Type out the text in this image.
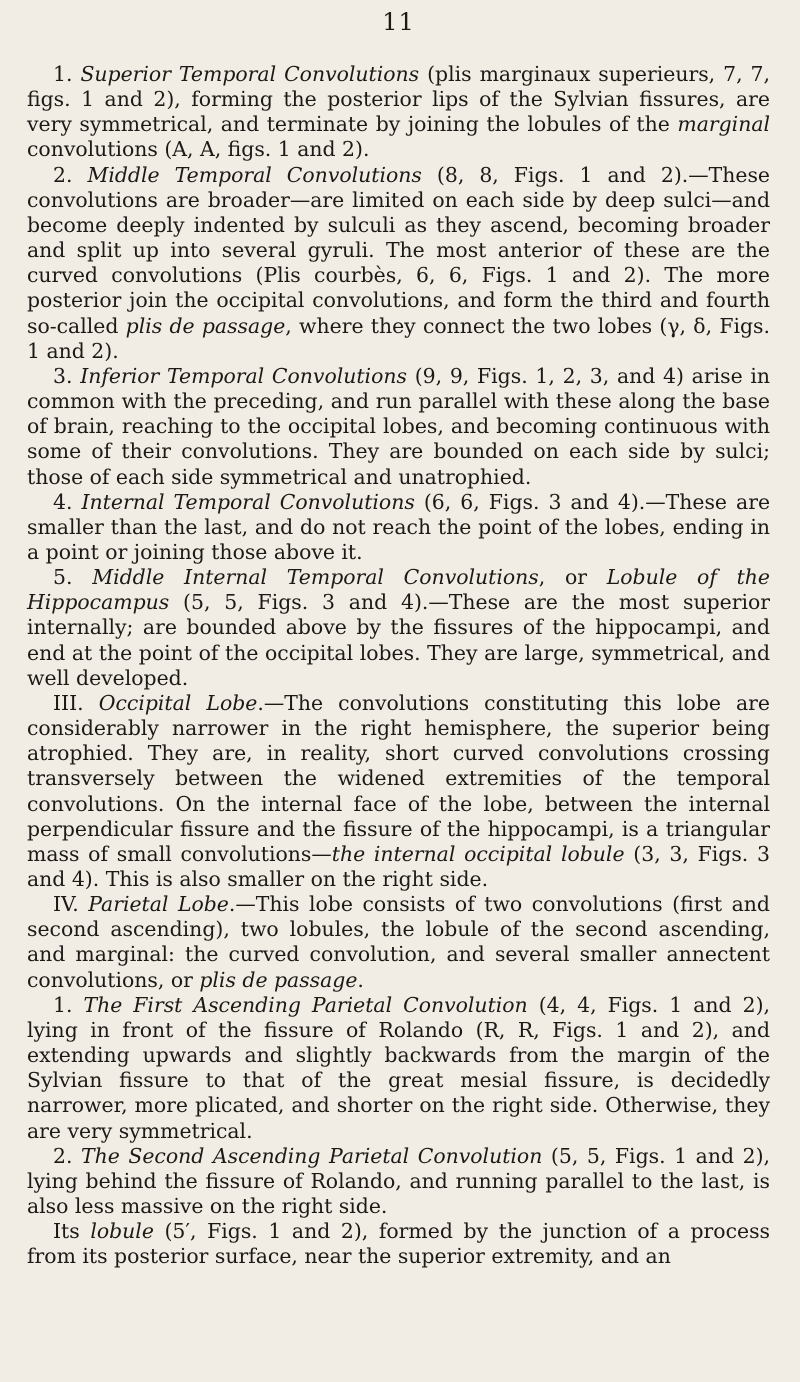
11

1. Superior Temporal Convolutions (plis marginaux superieurs, 7, 7, figs. 1 and 2), forming the posterior lips of the Sylvian fissures, are very symmetrical, and terminate by joining the lobules of the marginal convolutions (A, A, figs. 1 and 2).

2. Middle Temporal Convolutions (8, 8, Figs. 1 and 2).—These convolutions are broader—are limited on each side by deep sulci—and become deeply indented by sulculi as they ascend, becoming broader and split up into several gyruli. The most anterior of these are the curved convolutions (Plis courbès, 6, 6, Figs. 1 and 2). The more posterior join the occipital convolutions, and form the third and fourth so-called plis de passage, where they connect the two lobes (γ, δ, Figs. 1 and 2).

3. Inferior Temporal Convolutions (9, 9, Figs. 1, 2, 3, and 4) arise in common with the preceding, and run parallel with these along the base of brain, reaching to the occipital lobes, and becoming continuous with some of their convolutions. They are bounded on each side by sulci; those of each side symmetrical and unatrophied.

4. Internal Temporal Convolutions (6, 6, Figs. 3 and 4).—These are smaller than the last, and do not reach the point of the lobes, ending in a point or joining those above it.

5. Middle Internal Temporal Convolutions, or Lobule of the Hippocampus (5, 5, Figs. 3 and 4).—These are the most superior internally; are bounded above by the fissures of the hippocampi, and end at the point of the occipital lobes. They are large, symmetrical, and well developed.

III. Occipital Lobe.—The convolutions constituting this lobe are considerably narrower in the right hemisphere, the superior being atrophied. They are, in reality, short curved convolutions crossing transversely between the widened extremities of the temporal convolutions. On the internal face of the lobe, between the internal perpendicular fissure and the fissure of the hippocampi, is a triangular mass of small convolutions—the internal occipital lobule (3, 3, Figs. 3 and 4). This is also smaller on the right side.

IV. Parietal Lobe.—This lobe consists of two convolutions (first and second ascending), two lobules, the lobule of the second ascending, and marginal: the curved convolution, and several smaller annectent convolutions, or plis de passage.

1. The First Ascending Parietal Convolution (4, 4, Figs. 1 and 2), lying in front of the fissure of Rolando (R, R, Figs. 1 and 2), and extending upwards and slightly backwards from the margin of the Sylvian fissure to that of the great mesial fissure, is decidedly narrower, more plicated, and shorter on the right side. Otherwise, they are very symmetrical.

2. The Second Ascending Parietal Convolution (5, 5, Figs. 1 and 2), lying behind the fissure of Rolando, and running parallel to the last, is also less massive on the right side.

Its lobule (5′, Figs. 1 and 2), formed by the junction of a process from its posterior surface, near the superior extremity, and an
